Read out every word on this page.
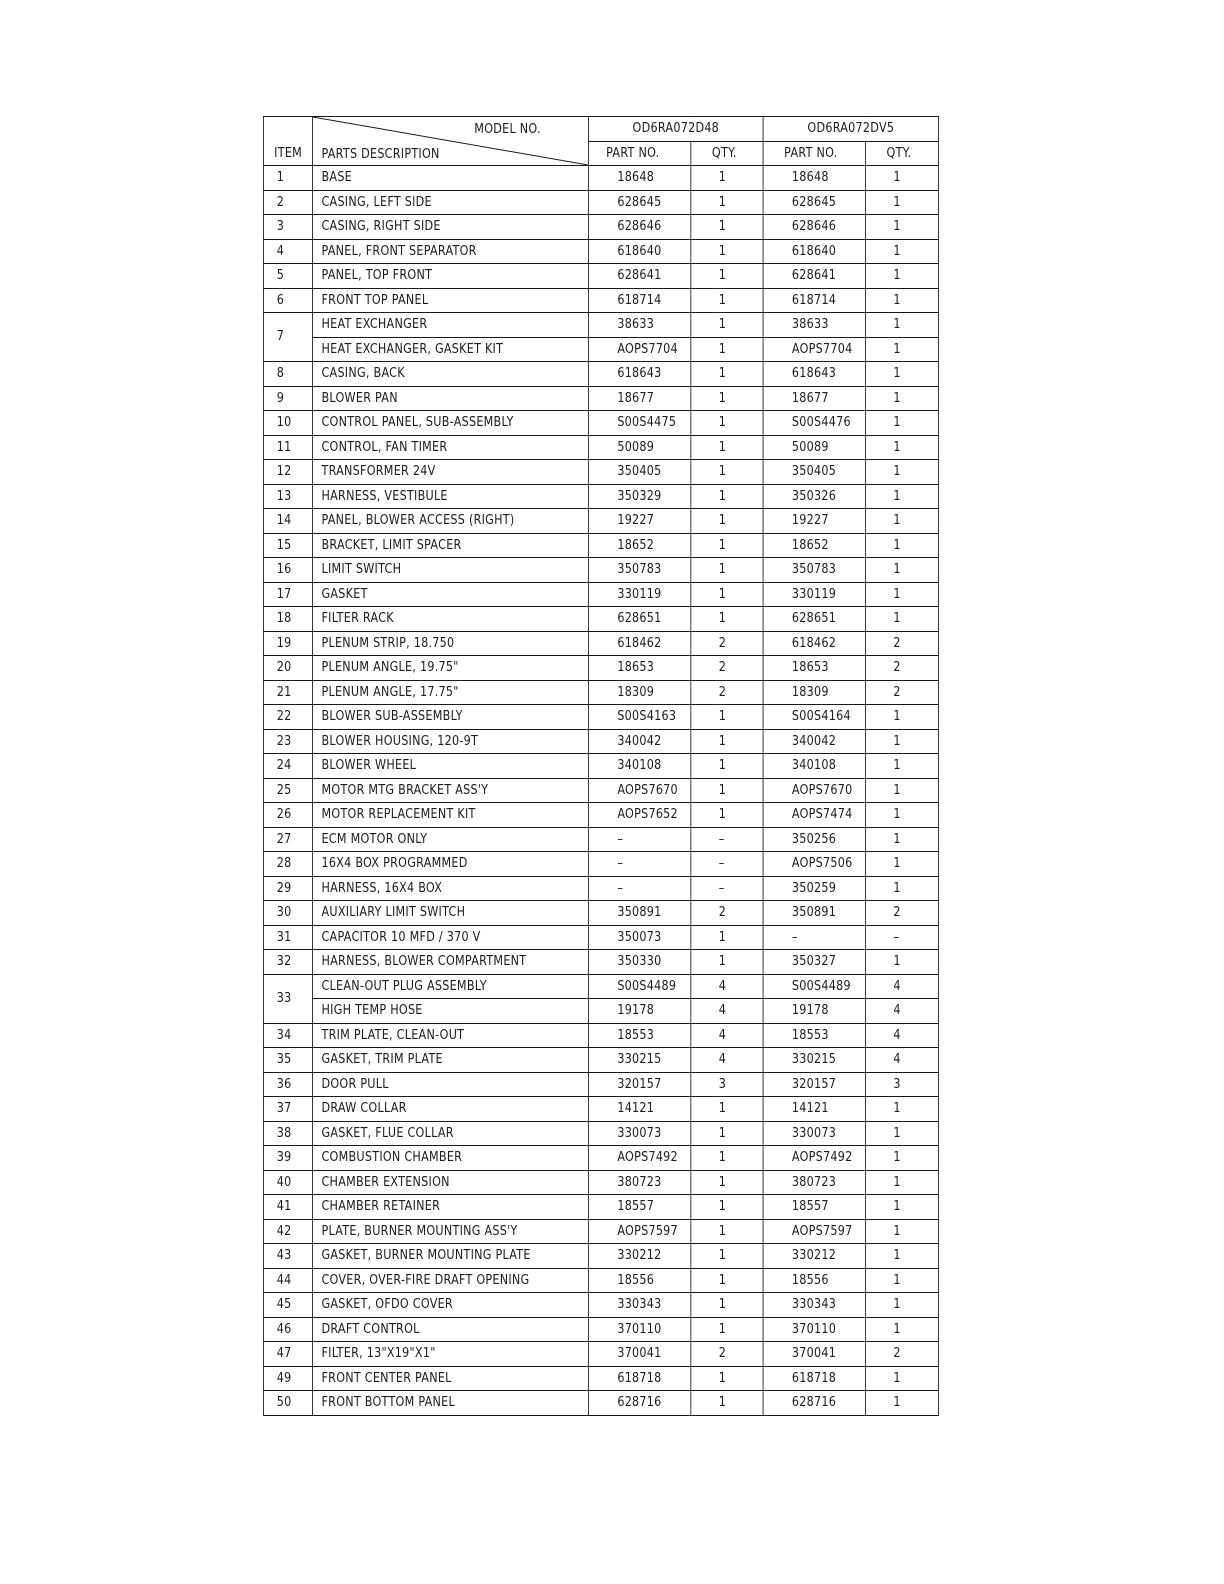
ITEM	MODEL NO.
PARTS DESCRIPTION	OD6RA072D48		OD6RA072DV5	
		PART NO.	QTY.	PART NO.	QTY.
1	BASE	18648	1	18648	1
2	CASING, LEFT SIDE	628645	1	628645	1
3	CASING, RIGHT SIDE	628646	1	628646	1
4	PANEL, FRONT SEPARATOR	618640	1	618640	1
5	PANEL, TOP FRONT	628641	1	628641	1
6	FRONT TOP PANEL	618714	1	618714	1
7	HEAT EXCHANGER	38633	1	38633	1
	HEAT EXCHANGER, GASKET KIT	AOPS7704	1	AOPS7704	1
8	CASING, BACK	618643	1	618643	1
9	BLOWER PAN	18677	1	18677	1
10	CONTROL PANEL, SUB-ASSEMBLY	S00S4475	1	S00S4476	1
11	CONTROL, FAN TIMER	50089	1	50089	1
12	TRANSFORMER 24V	350405	1	350405	1
13	HARNESS, VESTIBULE	350329	1	350326	1
14	PANEL, BLOWER ACCESS (RIGHT)	19227	1	19227	1
15	BRACKET, LIMIT SPACER	18652	1	18652	1
16	LIMIT SWITCH	350783	1	350783	1
17	GASKET	330119	1	330119	1
18	FILTER RACK	628651	1	628651	1
19	PLENUM STRIP, 18.750	618462	2	618462	2
20	PLENUM ANGLE, 19.75"	18653	2	18653	2
21	PLENUM ANGLE, 17.75"	18309	2	18309	2
22	BLOWER SUB-ASSEMBLY	S00S4163	1	S00S4164	1
23	BLOWER HOUSING, 120-9T	340042	1	340042	1
24	BLOWER WHEEL	340108	1	340108	1
25	MOTOR MTG BRACKET ASS'Y	AOPS7670	1	AOPS7670	1
26	MOTOR REPLACEMENT KIT	AOPS7652	1	AOPS7474	1
27	ECM MOTOR ONLY	–	–	350256	1
28	16X4 BOX PROGRAMMED	–	–	AOPS7506	1
29	HARNESS, 16X4 BOX	–	–	350259	1
30	AUXILIARY LIMIT SWITCH	350891	2	350891	2
31	CAPACITOR 10 MFD / 370 V	350073	1	–	–
32	HARNESS, BLOWER COMPARTMENT	350330	1	350327	1
33	CLEAN-OUT PLUG ASSEMBLY	S00S4489	4	S00S4489	4
	HIGH TEMP HOSE	19178	4	19178	4
34	TRIM PLATE, CLEAN-OUT	18553	4	18553	4
35	GASKET, TRIM PLATE	330215	4	330215	4
36	DOOR PULL	320157	3	320157	3
37	DRAW COLLAR	14121	1	14121	1
38	GASKET, FLUE COLLAR	330073	1	330073	1
39	COMBUSTION CHAMBER	AOPS7492	1	AOPS7492	1
40	CHAMBER EXTENSION	380723	1	380723	1
41	CHAMBER RETAINER	18557	1	18557	1
42	PLATE, BURNER MOUNTING ASS'Y	AOPS7597	1	AOPS7597	1
43	GASKET, BURNER MOUNTING PLATE	330212	1	330212	1
44	COVER, OVER-FIRE DRAFT OPENING	18556	1	18556	1
45	GASKET, OFDO COVER	330343	1	330343	1
46	DRAFT CONTROL	370110	1	370110	1
47	FILTER, 13"X19"X1"	370041	2	370041	2
49	FRONT CENTER PANEL	618718	1	618718	1
50	FRONT BOTTOM PANEL	628716	1	628716	1
